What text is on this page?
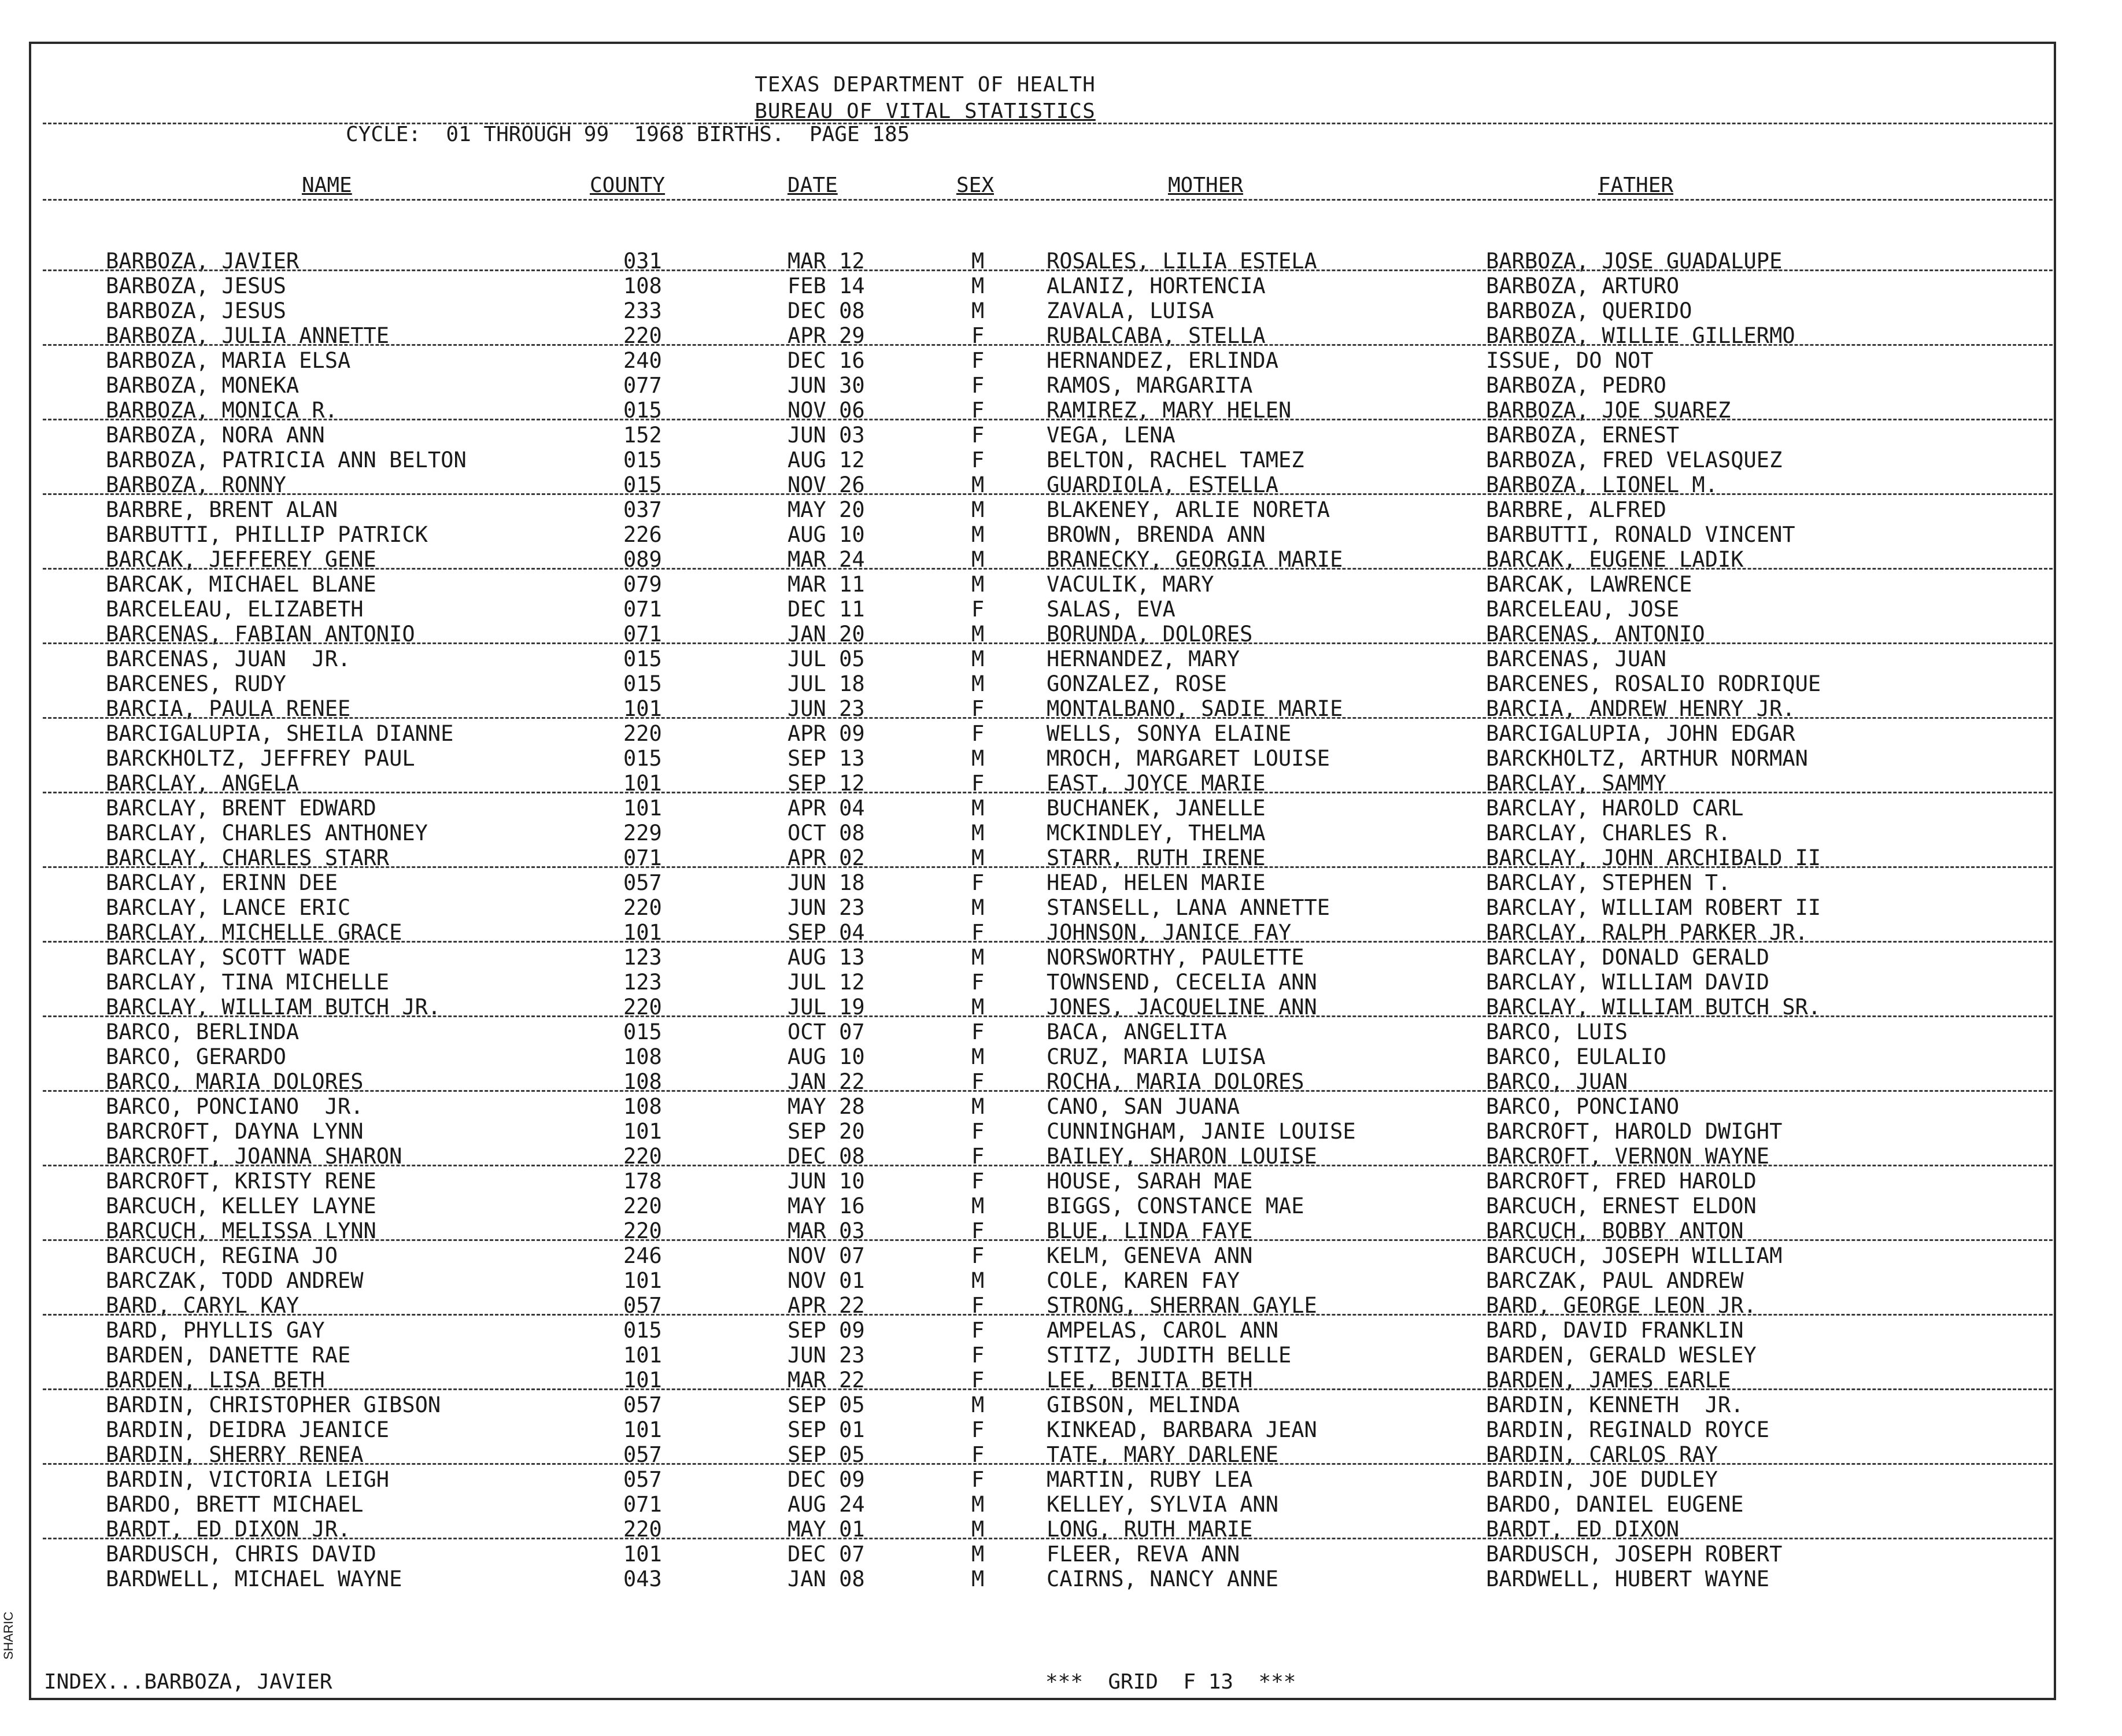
TEXAS DEPARTMENT OF HEALTH
BUREAU OF VITAL STATISTICS
CYCLE:  01 THROUGH 99  1968 BIRTHS.  PAGE 185
NAME	COUNTY	DATE	SEX	MOTHER	FATHER
BARBOZA, JAVIER	031	MAR 12	M	ROSALES, LILIA ESTELA	BARBOZA, JOSE GUADALUPE
BARBOZA, JESUS	108	FEB 14	M	ALANIZ, HORTENCIA	BARBOZA, ARTURO
BARBOZA, JESUS	233	DEC 08	M	ZAVALA, LUISA	BARBOZA, QUERIDO
BARBOZA, JULIA ANNETTE	220	APR 29	F	RUBALCABA, STELLA	BARBOZA, WILLIE GILLERMO
BARBOZA, MARIA ELSA	240	DEC 16	F	HERNANDEZ, ERLINDA	ISSUE, DO NOT
BARBOZA, MONEKA	077	JUN 30	F	RAMOS, MARGARITA	BARBOZA, PEDRO
BARBOZA, MONICA R.	015	NOV 06	F	RAMIREZ, MARY HELEN	BARBOZA, JOE SUAREZ
BARBOZA, NORA ANN	152	JUN 03	F	VEGA, LENA	BARBOZA, ERNEST
BARBOZA, PATRICIA ANN BELTON	015	AUG 12	F	BELTON, RACHEL TAMEZ	BARBOZA, FRED VELASQUEZ
BARBOZA, RONNY	015	NOV 26	M	GUARDIOLA, ESTELLA	BARBOZA, LIONEL M.
BARBRE, BRENT ALAN	037	MAY 20	M	BLAKENEY, ARLIE NORETA	BARBRE, ALFRED
BARBUTTI, PHILLIP PATRICK	226	AUG 10	M	BROWN, BRENDA ANN	BARBUTTI, RONALD VINCENT
BARCAK, JEFFEREY GENE	089	MAR 24	M	BRANECKY, GEORGIA MARIE	BARCAK, EUGENE LADIK
BARCAK, MICHAEL BLANE	079	MAR 11	M	VACULIK, MARY	BARCAK, LAWRENCE
BARCELEAU, ELIZABETH	071	DEC 11	F	SALAS, EVA	BARCELEAU, JOSE
BARCENAS, FABIAN ANTONIO	071	JAN 20	M	BORUNDA, DOLORES	BARCENAS, ANTONIO
BARCENAS, JUAN  JR.	015	JUL 05	M	HERNANDEZ, MARY	BARCENAS, JUAN
BARCENES, RUDY	015	JUL 18	M	GONZALEZ, ROSE	BARCENES, ROSALIO RODRIQUE
BARCIA, PAULA RENEE	101	JUN 23	F	MONTALBANO, SADIE MARIE	BARCIA, ANDREW HENRY JR.
BARCIGALUPIA, SHEILA DIANNE	220	APR 09	F	WELLS, SONYA ELAINE	BARCIGALUPIA, JOHN EDGAR
BARCKHOLTZ, JEFFREY PAUL	015	SEP 13	M	MROCH, MARGARET LOUISE	BARCKHOLTZ, ARTHUR NORMAN
BARCLAY, ANGELA	101	SEP 12	F	EAST, JOYCE MARIE	BARCLAY, SAMMY
BARCLAY, BRENT EDWARD	101	APR 04	M	BUCHANEK, JANELLE	BARCLAY, HAROLD CARL
BARCLAY, CHARLES ANTHONEY	229	OCT 08	M	MCKINDLEY, THELMA	BARCLAY, CHARLES R.
BARCLAY, CHARLES STARR	071	APR 02	M	STARR, RUTH IRENE	BARCLAY, JOHN ARCHIBALD II
BARCLAY, ERINN DEE	057	JUN 18	F	HEAD, HELEN MARIE	BARCLAY, STEPHEN T.
BARCLAY, LANCE ERIC	220	JUN 23	M	STANSELL, LANA ANNETTE	BARCLAY, WILLIAM ROBERT II
BARCLAY, MICHELLE GRACE	101	SEP 04	F	JOHNSON, JANICE FAY	BARCLAY, RALPH PARKER JR.
BARCLAY, SCOTT WADE	123	AUG 13	M	NORSWORTHY, PAULETTE	BARCLAY, DONALD GERALD
BARCLAY, TINA MICHELLE	123	JUL 12	F	TOWNSEND, CECELIA ANN	BARCLAY, WILLIAM DAVID
BARCLAY, WILLIAM BUTCH JR.	220	JUL 19	M	JONES, JACQUELINE ANN	BARCLAY, WILLIAM BUTCH SR.
BARCO, BERLINDA	015	OCT 07	F	BACA, ANGELITA	BARCO, LUIS
BARCO, GERARDO	108	AUG 10	M	CRUZ, MARIA LUISA	BARCO, EULALIO
BARCO, MARIA DOLORES	108	JAN 22	F	ROCHA, MARIA DOLORES	BARCO, JUAN
BARCO, PONCIANO  JR.	108	MAY 28	M	CANO, SAN JUANA	BARCO, PONCIANO
BARCROFT, DAYNA LYNN	101	SEP 20	F	CUNNINGHAM, JANIE LOUISE	BARCROFT, HAROLD DWIGHT
BARCROFT, JOANNA SHARON	220	DEC 08	F	BAILEY, SHARON LOUISE	BARCROFT, VERNON WAYNE
BARCROFT, KRISTY RENE	178	JUN 10	F	HOUSE, SARAH MAE	BARCROFT, FRED HAROLD
BARCUCH, KELLEY LAYNE	220	MAY 16	M	BIGGS, CONSTANCE MAE	BARCUCH, ERNEST ELDON
BARCUCH, MELISSA LYNN	220	MAR 03	F	BLUE, LINDA FAYE	BARCUCH, BOBBY ANTON
BARCUCH, REGINA JO	246	NOV 07	F	KELM, GENEVA ANN	BARCUCH, JOSEPH WILLIAM
BARCZAK, TODD ANDREW	101	NOV 01	M	COLE, KAREN FAY	BARCZAK, PAUL ANDREW
BARD, CARYL KAY	057	APR 22	F	STRONG, SHERRAN GAYLE	BARD, GEORGE LEON JR.
BARD, PHYLLIS GAY	015	SEP 09	F	AMPELAS, CAROL ANN	BARD, DAVID FRANKLIN
BARDEN, DANETTE RAE	101	JUN 23	F	STITZ, JUDITH BELLE	BARDEN, GERALD WESLEY
BARDEN, LISA BETH	101	MAR 22	F	LEE, BENITA BETH	BARDEN, JAMES EARLE
BARDIN, CHRISTOPHER GIBSON	057	SEP 05	M	GIBSON, MELINDA	BARDIN, KENNETH  JR.
BARDIN, DEIDRA JEANICE	101	SEP 01	F	KINKEAD, BARBARA JEAN	BARDIN, REGINALD ROYCE
BARDIN, SHERRY RENEA	057	SEP 05	F	TATE, MARY DARLENE	BARDIN, CARLOS RAY
BARDIN, VICTORIA LEIGH	057	DEC 09	F	MARTIN, RUBY LEA	BARDIN, JOE DUDLEY
BARDO, BRETT MICHAEL	071	AUG 24	M	KELLEY, SYLVIA ANN	BARDO, DANIEL EUGENE
BARDT, ED DIXON JR.	220	MAY 01	M	LONG, RUTH MARIE	BARDT, ED DIXON
BARDUSCH, CHRIS DAVID	101	DEC 07	M	FLEER, REVA ANN	BARDUSCH, JOSEPH ROBERT
BARDWELL, MICHAEL WAYNE	043	JAN 08	M	CAIRNS, NANCY ANNE	BARDWELL, HUBERT WAYNE
INDEX...BARBOZA, JAVIER	***  GRID  F 13  ***
SHARIC
